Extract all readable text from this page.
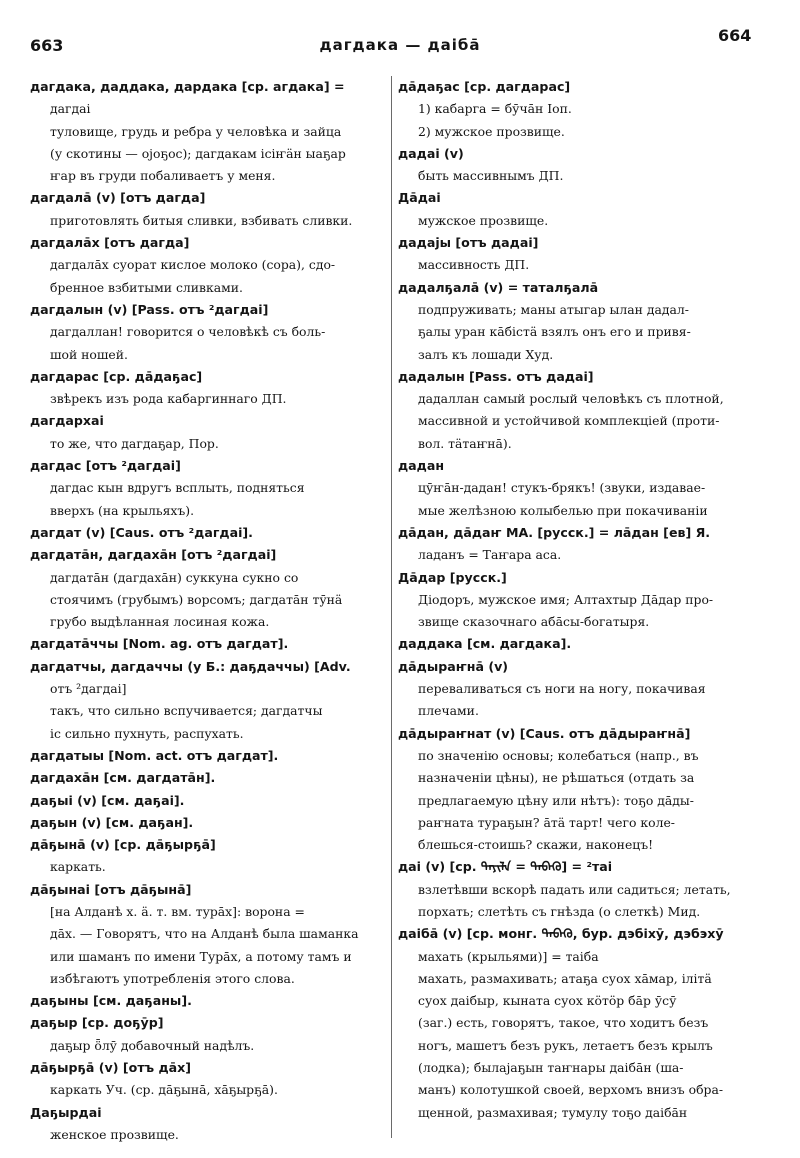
663	дагдака — даiба̄	664
дагдака, даддака, дардака [ср. агдака] =
дагдаi
туловище, грудь и ребра у человѣка и зайца
(у скотины — ојоҕос); дагдакам ісiҥӓн ыаҕар
ҥар въ груди побаливаетъ у меня.
дагдала̄ (v) [отъ дагда]
приготовлять битыя сливки, взбивать сливки.
дагдала̄х [отъ дагда]
дагдала̄х суорат кислое молоко (сора), сдо-
бренное взбитыми сливками.
дагдалын (v) [Pass. отъ ²дагдаi]
дагдаллан! говорится о человѣкѣ съ боль-
шой ношей.
дагдарас [ср. да̄даҕас]
звѣрекъ изъ рода кабаргиннаго ДП.
дагдархаi
то же, что дагдаҕар, Пор.
дагдас [отъ ²дагдаi]
дагдас кын вдругъ всплыть, подняться
вверхъ (на крыльяхъ).
дагдат (v) [Caus. отъ ²дагдаi].
дагдата̄н, дагдаха̄н [отъ ²дагдаi]
дагдата̄н (дагдаха̄н) суккуна сукно со
стоячимъ (грубымъ) ворсомъ; дагдата̄н тӯнӓ
грубо выдѣланная лосиная кожа.
дагдата̄ччы [Nom. ag. отъ дагдат].
дагдатчы, дагдаччы (у Б.: даҕдаччы) [Adv.
отъ ²дагдаi]
такъ, что сильно вспучивается; дагдатчы
ic сильно пухнуть, распухать.
дагдатыы [Nom. act. отъ дагдат].
дагдаха̄н [см. дагдата̄н].
даҕыi (v) [см. даҕаi].
даҕын (v) [см. даҕан].
да̄ҕына̄ (v) [ср. да̄ҕырҕа̄]
каркать.
да̄ҕынаi [отъ да̄ҕына̄]
[на Алданѣ х. ӓ. т. вм. тура̄х]: ворона =
да̄х. — Говорятъ, что на Алданѣ была шаманка
или шаманъ по имени Тура̄х, а потому тамъ и
избѣгаютъ употребленія этого слова.
даҕыны [см. даҕаны].
даҕыр [ср. доҕӯр]
даҕыр ȫлӯ добавочный надѣлъ.
да̄ҕырҕа̄ (v) [отъ да̄х]
каркать Уч. (ср. да̄ҕына̄, ха̄ҕырҕа̄).
Даҕырдаi
женское прозвище.
да̄даҕас [ср. дагдарас]
1) кабарга = бӯча̄н Іоп.
2) мужское прозвище.
дадаi (v)
быть массивнымъ ДП.
Да̄даi
мужское прозвище.
дадајы [отъ дадаi]
массивность ДП.
дадалҕала̄ (v) = таталҕала̄
подпруживать; маны атыгар ылан дадал-
ҕалы уран ка̄бiстӓ взялъ онъ его и привя-
залъ къ лошади Худ.
дадалын [Pass. отъ дадаi]
дадаллан самый рослый человѣкъ съ плотной,
массивной и устойчивой комплекціей (проти-
вол. тӓтаҥна̄).
дадан
цӯҥа̄н-дадан! стукъ-брякъ! (звуки, издавае-
мые желѣзною колыбелью при покачиваніи
да̄дан, да̄даҥ МА. [русск.] = ла̄дан [ев] Я.
ладанъ = Таҥара аса.
Да̄дар [русск.]
Діодоръ, мужское имя; Алтахтыр Да̄дар про-
звище сказочнаго аба̄сы-богатыря.
даддака [см. дагдака].
да̄дыраҥна̄ (v)
переваливаться съ ноги на ногу, покачивая
плечами.
да̄дыраҥнат (v) [Caus. отъ да̄дыраҥна̄]
по значенію основы; колебаться (напр., въ
назначеніи цѣны), не рѣшаться (отдать за
предлагаемую цѣну или нѣтъ): тоҕо да̄ды-
раҥната тураҕын? а̄тӓ тарт! чего коле-
блешься-стоишь? скажи, наконецъ!
даi (v) [ср. ᠳᠠᠶᠢᠯᠠ = ᠳᠡᠪᠡᠬᠦ] = ²таi
взлетѣвши вскорѣ падать или садиться; летать,
порхать; слетѣть съ гнѣзда (о слеткѣ) Мид.
даiба̄ (v) [ср. монг. ᠳᠡᠪᠡᠬᠦ, бур. дэбiхӯ, дэбэхӯ
махать (крыльями)] = таiба
махать, размахивать; атаҕа суох ха̄мар, iлiтӓ
суох даiбыр, кыната суох кӧтӧр ба̄р ӯсӯ
(заг.) есть, говорятъ, такое, что ходитъ безъ
ногъ, машетъ безъ рукъ, летаетъ безъ крылъ
(лодка); былајаҕын таҥнары даiба̄н (ша-
манъ) колотушкой своей, верхомъ внизъ обра-
щенной, размахивая; тумулу тоҕо даiба̄н
